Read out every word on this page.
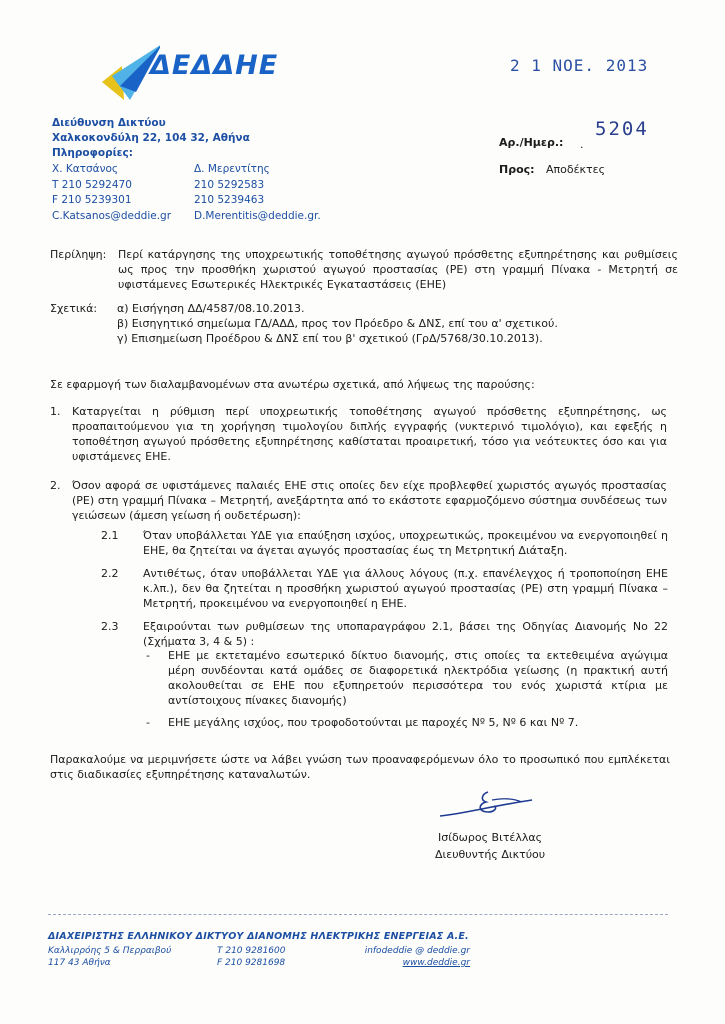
ΔΕΔΔΗΕ	2 1 ΝΟΕ. 2013
Διεύθυνση Δικτύου
Χαλκοκονδύλη 22, 104 32, Αθήνα
Πληροφορίες:
Χ. Κατσάνος
Τ 210 5292470
F 210 5239301
C.Katsanos@deddie.gr
Δ. Μερεντίτης
210 5292583
210 5239463
D.Merentitis@deddie.gr.
Αρ./Ημερ.: .
5204
Προς: Αποδέκτες
Περίληψη: Περί κατάργησης της υποχρεωτικής τοποθέτησης αγωγού πρόσθετης εξυπηρέτησης και ρυθμίσεις ως προς την προσθήκη χωριστού αγωγού προστασίας (PE) στη γραμμή Πίνακα - Μετρητή σε υφιστάμενες Εσωτερικές Ηλεκτρικές Εγκαταστάσεις (ΕΗΕ)
Σχετικά: α) Εισήγηση ΔΔ/4587/08.10.2013.
β) Εισηγητικό σημείωμα ΓΔ/ΑΔΔ, προς τον Πρόεδρο & ΔΝΣ, επί του α' σχετικού.
γ) Επισημείωση Προέδρου & ΔΝΣ επί του β' σχετικού (ΓρΔ/5768/30.10.2013).
Σε εφαρμογή των διαλαμβανομένων στα ανωτέρω σχετικά, από λήψεως της παρούσης:
1. Καταργείται η ρύθμιση περί υποχρεωτικής τοποθέτησης αγωγού πρόσθετης εξυπηρέτησης, ως προαπαιτούμενου για τη χορήγηση τιμολογίου διπλής εγγραφής (νυκτερινό τιμολόγιο), και εφεξής η τοποθέτηση αγωγού πρόσθετης εξυπηρέτησης καθίσταται προαιρετική, τόσο για νεότευκτες όσο και για υφιστάμενες ΕΗΕ.
2. Όσον αφορά σε υφιστάμενες παλαιές ΕΗΕ στις οποίες δεν είχε προβλεφθεί χωριστός αγωγός προστασίας (PE) στη γραμμή Πίνακα – Μετρητή, ανεξάρτητα από το εκάστοτε εφαρμοζόμενο σύστημα συνδέσεως των γειώσεων (άμεση γείωση ή ουδετέρωση):
2.1 Όταν υποβάλλεται ΥΔΕ για επαύξηση ισχύος, υποχρεωτικώς, προκειμένου να ενεργοποιηθεί η ΕΗΕ, θα ζητείται να άγεται αγωγός προστασίας έως τη Μετρητική Διάταξη.
2.2 Αντιθέτως, όταν υποβάλλεται ΥΔΕ για άλλους λόγους (π.χ. επανέλεγχος ή τροποποίηση ΕΗΕ κ.λπ.), δεν θα ζητείται η προσθήκη χωριστού αγωγού προστασίας (PE) στη γραμμή Πίνακα – Μετρητή, προκειμένου να ενεργοποιηθεί η ΕΗΕ.
2.3 Εξαιρούνται των ρυθμίσεων της υποπαραγράφου 2.1, βάσει της Οδηγίας Διανομής Νο 22 (Σχήματα 3, 4 & 5) :
- ΕΗΕ με εκτεταμένο εσωτερικό δίκτυο διανομής, στις οποίες τα εκτεθειμένα αγώγιμα μέρη συνδέονται κατά ομάδες σε διαφορετικά ηλεκτρόδια γείωσης (η πρακτική αυτή ακολουθείται σε ΕΗΕ που εξυπηρετούν περισσότερα του ενός χωριστά κτίρια με αντίστοιχους πίνακες διανομής)
- ΕΗΕ μεγάλης ισχύος, που τροφοδοτούνται με παροχές Νº 5, Νº 6 και Νº 7.
Παρακαλούμε να μεριμνήσετε ώστε να λάβει γνώση των προαναφερόμενων όλο το προσωπικό που εμπλέκεται στις διαδικασίες εξυπηρέτησης καταναλωτών.
Ισίδωρος Βιτέλλας
Διευθυντής Δικτύου
ΔΙΑΧΕΙΡΙΣΤΗΣ ΕΛΛΗΝΙΚΟΥ ΔΙΚΤΥΟΥ ΔΙΑΝΟΜΗΣ ΗΛΕΚΤΡΙΚΗΣ ΕΝΕΡΓΕΙΑΣ Α.Ε.
Καλλιρρόης 5 & Περραιβού
117 43 Αθήνα
Τ 210 9281600
F 210 9281698
infodeddie @ deddie.gr
www.deddie.gr
